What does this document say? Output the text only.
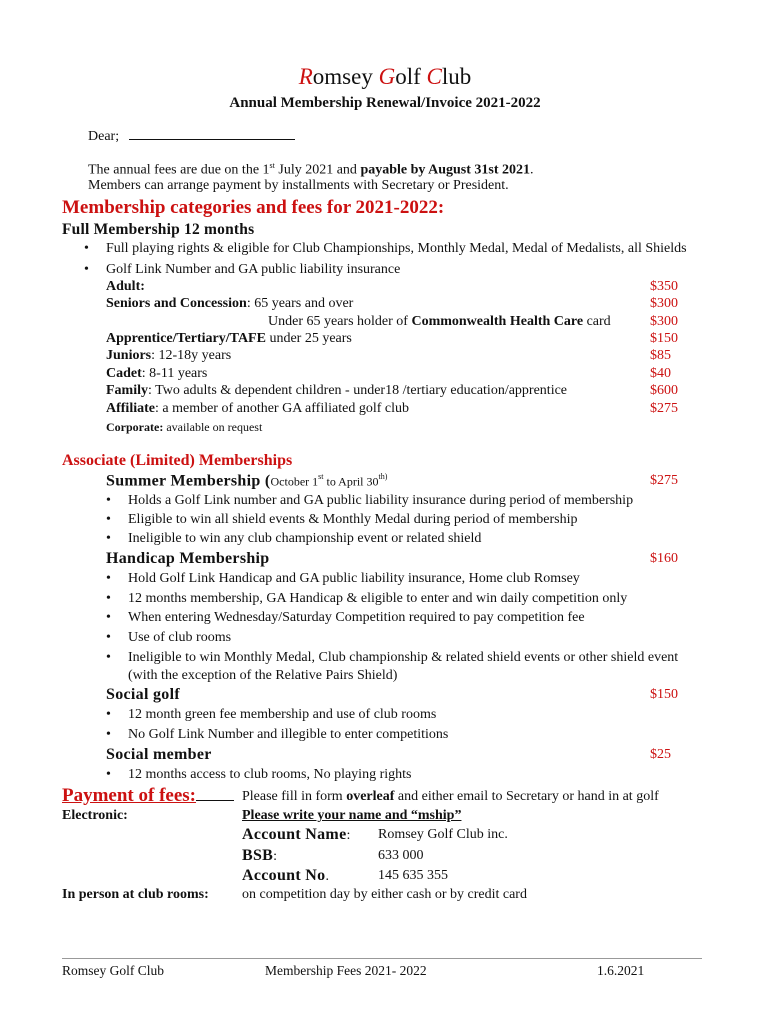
Romsey Golf Club
Annual Membership Renewal/Invoice 2021-2022
Dear;
The annual fees are due on the 1st July 2021 and payable by August 31st 2021.
Members can arrange payment by installments with Secretary or President.
Membership categories and fees for 2021-2022:
Full Membership 12 months
• Full playing rights & eligible for Club Championships, Monthly Medal, Medal of Medalists, all Shields
• Golf Link Number and GA public liability insurance
Adult:	$350
Seniors and Concession: 65 years and over	$300
Under 65 years holder of Commonwealth Health Care card	$300
Apprentice/Tertiary/TAFE under 25 years	$150
Juniors: 12-18y years	$85
Cadet: 8-11 years	$40
Family: Two adults & dependent children - under18 /tertiary education/apprentice	$600
Affiliate: a member of another GA affiliated golf club	$275
Corporate: available on request
Associate (Limited) Memberships
Summer Membership (October 1st to April $30^{th)}$	$275
• Holds a Golf Link number and GA public liability insurance during period of membership
• Eligible to win all shield events & Monthly Medal during period of membership
• Ineligible to win any club championship event or related shield
Handicap Membership	$160
• Hold Golf Link Handicap and GA public liability insurance, Home club Romsey
• 12 months membership, GA Handicap & eligible to enter and win daily competition only
• When entering Wednesday/Saturday Competition required to pay competition fee
• Use of club rooms
• Ineligible to win Monthly Medal, Club championship & related shield events or other shield event
(with the exception of the Relative Pairs Shield)
Social golf	$150
• 12 month green fee membership and use of club rooms
• No Golf Link Number and illegible to enter competitions
Social member	$25
• 12 months access to club rooms, No playing rights
Payment of fees:	Please fill in form overleaf and either email to Secretary or hand in at golf
Electronic:	Please write your name and “mship”
Account Name: Romsey Golf Club inc.
BSB:	633 000
Account No.	145 635 355
In person at club rooms: on competition day by either cash or by credit card
Romsey Golf Club	Membership Fees 2021- 2022	1.6.2021
